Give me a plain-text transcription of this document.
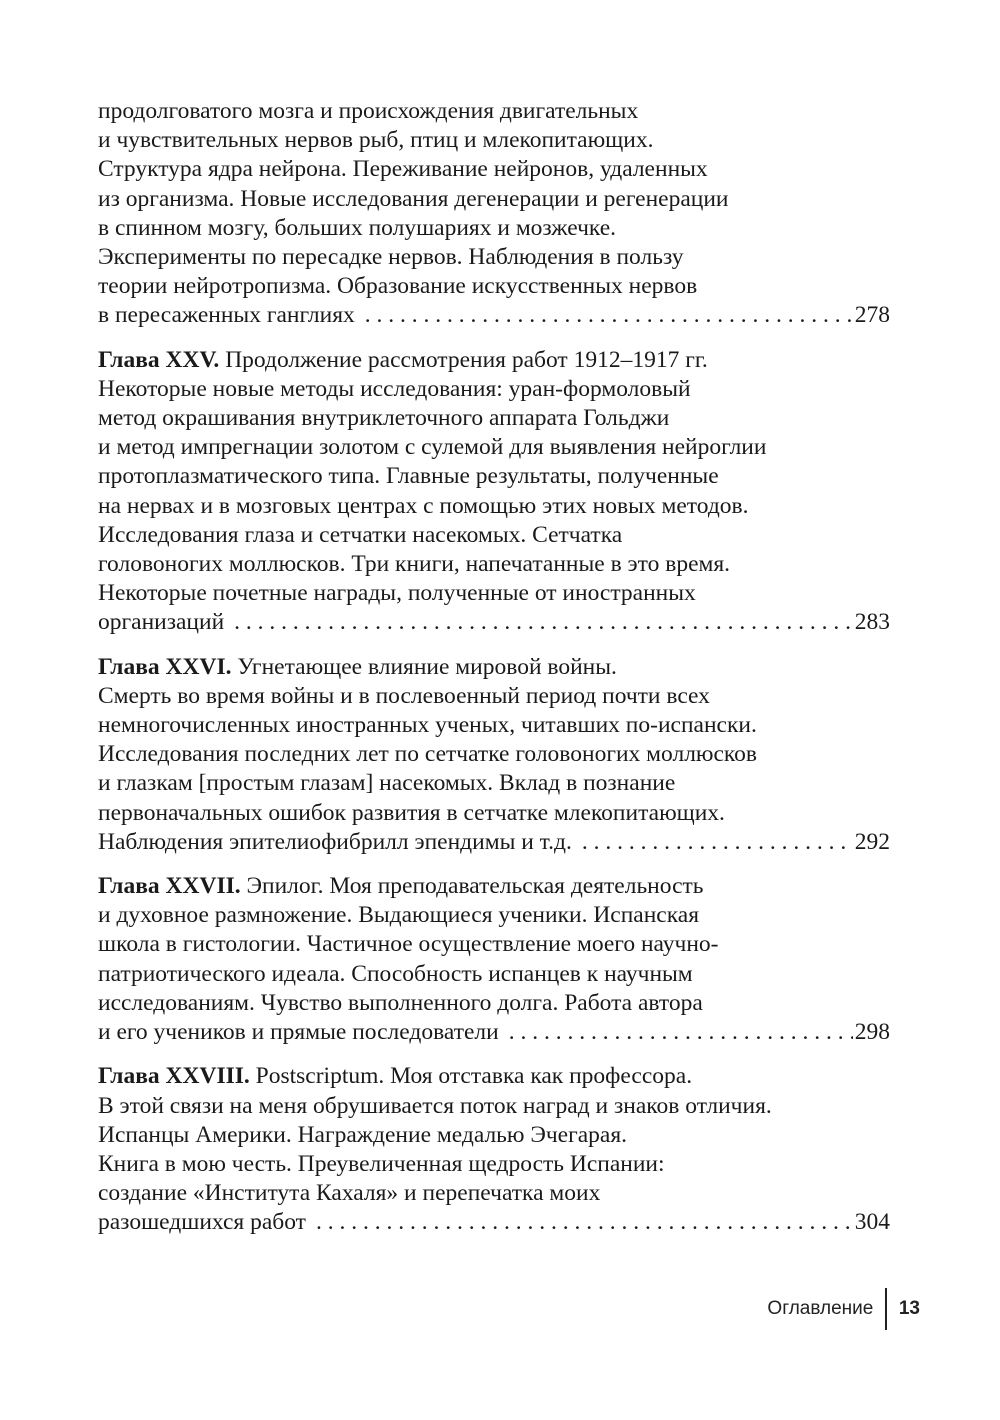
продолговатого мозга и происхождения двигательных
и чувствительных нервов рыб, птиц и млекопитающих.
Структура ядра нейрона. Переживание нейронов, удаленных
из организма. Новые исследования дегенерации и регенерации
в спинном мозгу, больших полушариях и мозжечке.
Эксперименты по пересадке нервов. Наблюдения в пользу
теории нейротропизма. Образование искусственных нервов
в пересаженных ганглиях . . .	278
Глава XXV. Продолжение рассмотрения работ 1912–1917 гг.
Некоторые новые методы исследования: уран-формоловый
метод окрашивания внутриклеточного аппарата Гольджи
и метод импрегнации золотом с сулемой для выявления нейроглии
протоплазматического типа. Главные результаты, полученные
на нервах и в мозговых центрах с помощью этих новых методов.
Исследования глаза и сетчатки насекомых. Сетчатка
головоногих моллюсков. Три книги, напечатанные в это время.
Некоторые почетные награды, полученные от иностранных
организаций . . .	283
Глава XXVI. Угнетающее влияние мировой войны.
Смерть во время войны и в послевоенный период почти всех
немногочисленных иностранных ученых, читавших по-испански.
Исследования последних лет по сетчатке головоногих моллюсков
и глазкам [простым глазам] насекомых. Вклад в познание
первоначальных ошибок развития в сетчатке млекопитающих.
Наблюдения эпителиофибрилл эпендимы и т.д. . . .	292
Глава XXVII. Эпилог. Моя преподавательская деятельность
и духовное размножение. Выдающиеся ученики. Испанская
школа в гистологии. Частичное осуществление моего научно-
патриотического идеала. Способность испанцев к научным
исследованиям. Чувство выполненного долга. Работа автора
и его учеников и прямые последователи . . .	298
Глава XXVIII. Postscriptum. Моя отставка как профессора.
В этой связи на меня обрушивается поток наград и знаков отличия.
Испанцы Америки. Награждение медалью Эчегарая.
Книга в мою честь. Преувеличенная щедрость Испании:
создание «Института Кахаля» и перепечатка моих
разошедшихся работ . . .	304
Оглавление	13
